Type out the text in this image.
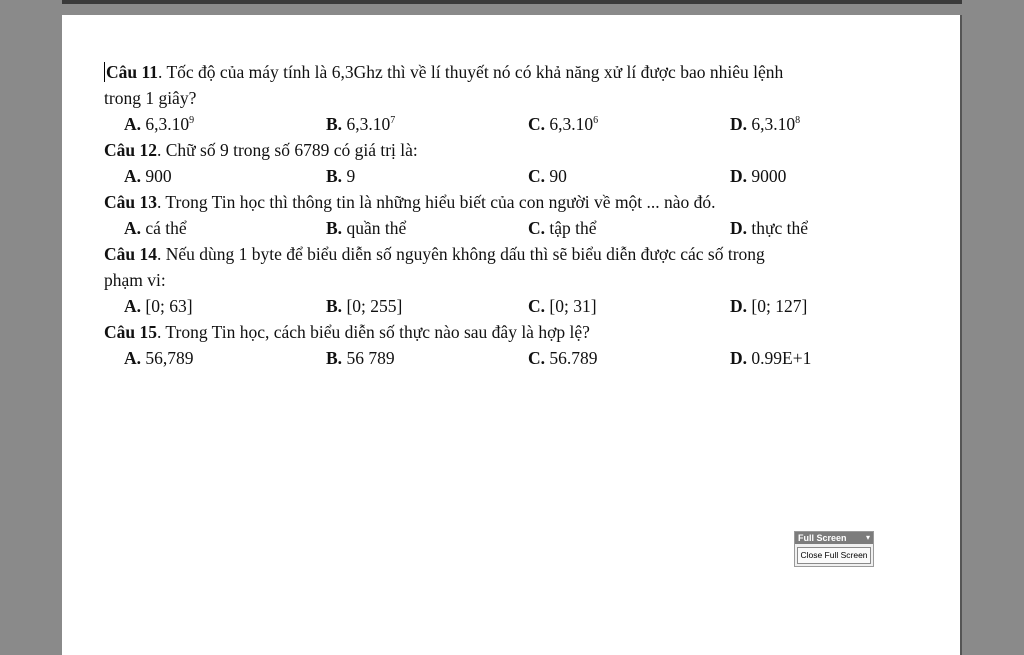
Câu 11. Tốc độ của máy tính là 6,3Ghz thì về lí thuyết nó có khả năng xử lí được bao nhiêu lệnh

trong 1 giây?

A. 6,3.10$^9$	B. 6,3.10$^7$	C. 6,3.10$^6$	D. 6,3.10$^8$

Câu 12. Chữ số 9 trong số 6789 có giá trị là:

A. 900	B. 9	C. 90	D. 9000

Câu 13. Trong Tin học thì thông tin là những hiểu biết của con người về một ... nào đó.

A. cá thể	B. quần thể	C. tập thể	D. thực thể

Câu 14. Nếu dùng 1 byte để biểu diễn số nguyên không dấu thì sẽ biểu diễn được các số trong

phạm vi:

A. [0; 63]	B. [0; 255]	C. [0; 31]	D. [0; 127]

Câu 15. Trong Tin học, cách biểu diễn số thực nào sau đây là hợp lệ?

A. 56,789	B. 56 789	C. 56.789	D. 0.99E+1
Full Screen ▾
Close Full Screen
